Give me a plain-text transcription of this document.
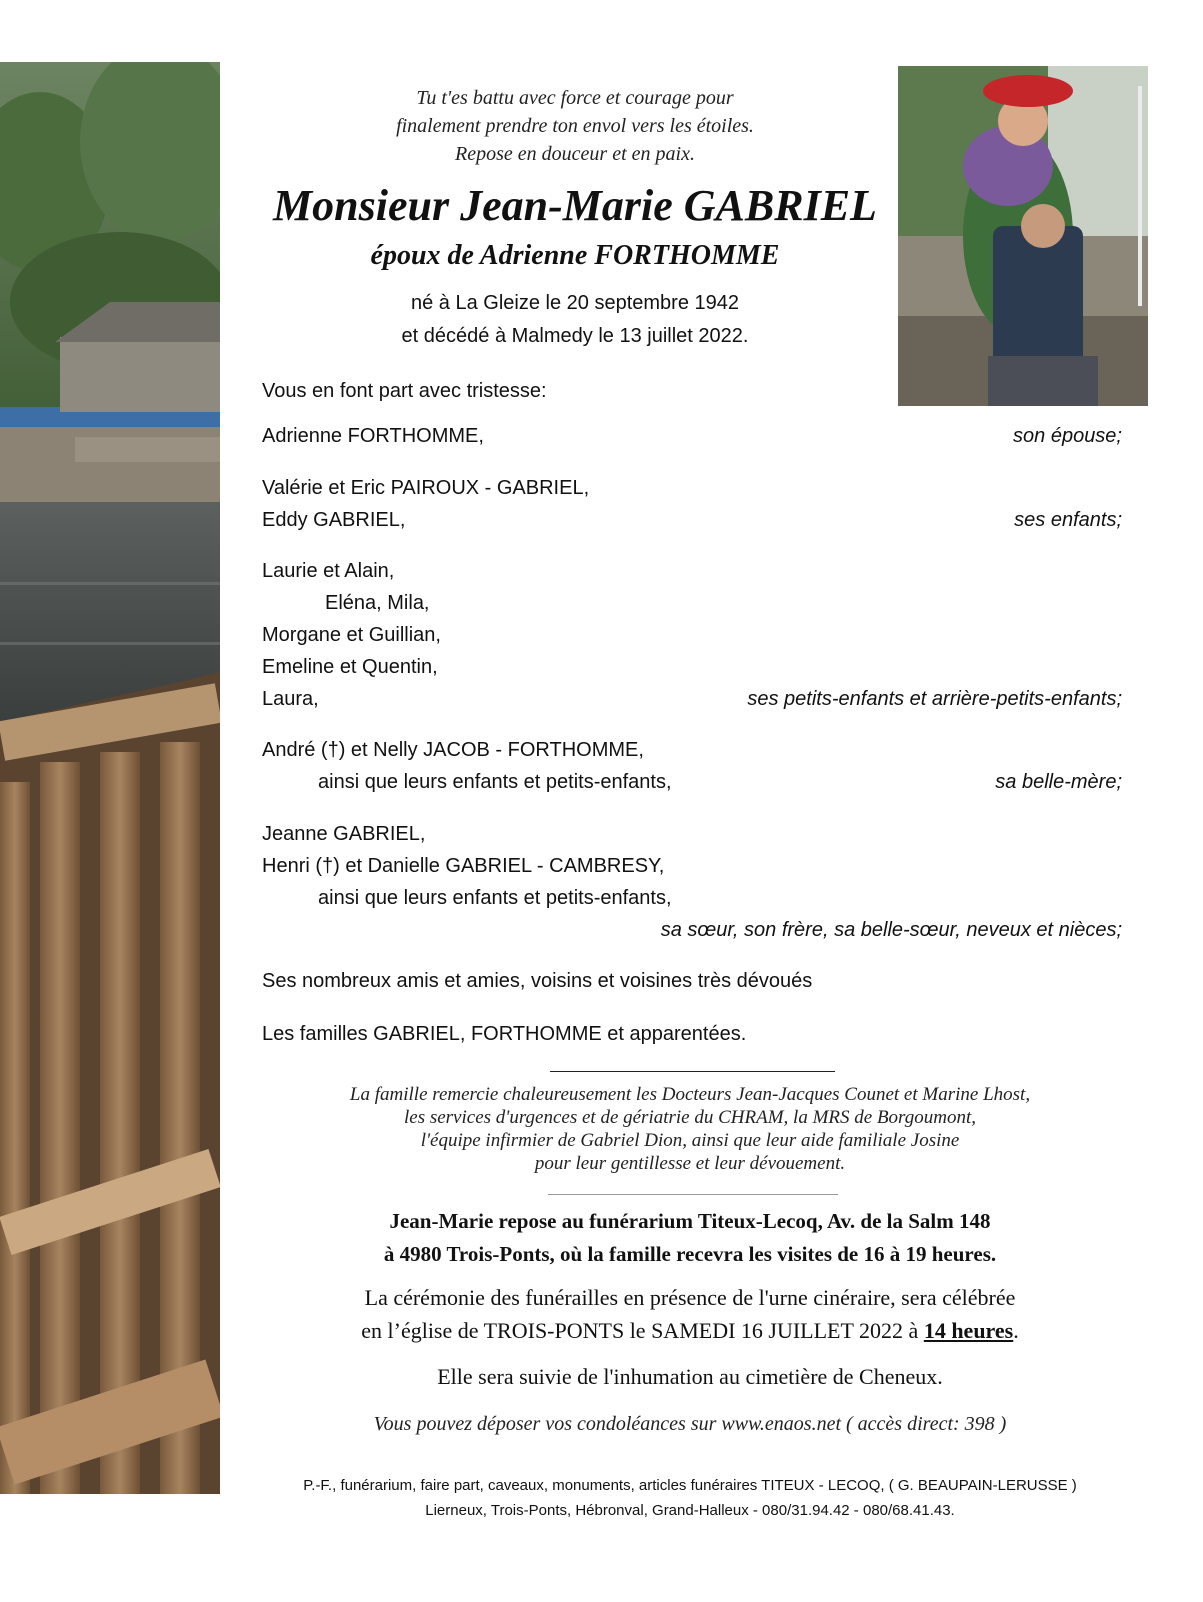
Tu t'es battu avec force et courage pour
finalement prendre ton envol vers les étoiles.
Repose en douceur et en paix.
Monsieur Jean-Marie GABRIEL
époux de Adrienne FORTHOMME
né à La Gleize le 20 septembre 1942
et décédé à Malmedy le 13 juillet 2022.
Vous en font part avec tristesse:
Adrienne FORTHOMME,	son épouse;
Valérie et Eric PAIROUX - GABRIEL,
Eddy GABRIEL,	ses enfants;
Laurie et Alain,
Eléna, Mila,
Morgane et Guillian,
Emeline et Quentin,
Laura,	ses petits-enfants et arrière-petits-enfants;
André (†) et Nelly JACOB - FORTHOMME,
ainsi que leurs enfants et petits-enfants,	sa belle-mère;
Jeanne GABRIEL,
Henri (†) et Danielle GABRIEL - CAMBRESY,
ainsi que leurs enfants et petits-enfants,
sa sœur, son frère, sa belle-sœur, neveux et nièces;
Ses nombreux amis et amies, voisins et voisines très dévoués
Les familles GABRIEL, FORTHOMME et apparentées.
La famille remercie chaleureusement les Docteurs Jean-Jacques Counet et Marine Lhost,
les services d'urgences et de gériatrie du CHRAM, la MRS de Borgoumont,
l'équipe infirmier de Gabriel Dion, ainsi que leur aide familiale Josine
pour leur gentillesse et leur dévouement.
Jean-Marie repose au funérarium Titeux-Lecoq, Av. de la Salm 148
à 4980 Trois-Ponts, où la famille recevra les visites de 16 à 19 heures.
La cérémonie des funérailles en présence de l'urne cinéraire, sera célébrée
en l’église de TROIS-PONTS le SAMEDI 16 JUILLET 2022 à 14 heures.
Elle sera suivie de l'inhumation au cimetière de Cheneux.
Vous pouvez déposer vos condoléances sur www.enaos.net ( accès direct: 398 )
P.-F., funérarium, faire part, caveaux, monuments, articles funéraires TITEUX - LECOQ, ( G. BEAUPAIN-LERUSSE )
Lierneux, Trois-Ponts, Hébronval, Grand-Halleux - 080/31.94.42 - 080/68.41.43.
